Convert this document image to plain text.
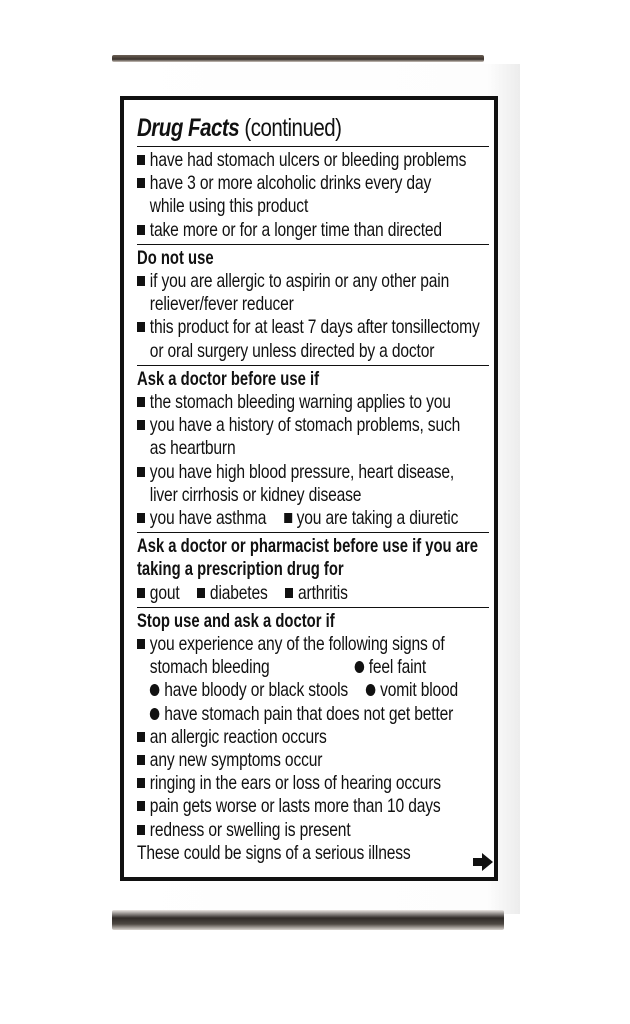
Drug Facts (continued)
have had stomach ulcers or bleeding problems
have 3 or more alcoholic drinks every day
while using this product
take more or for a longer time than directed
Do not use
if you are allergic to aspirin or any other pain
reliever/fever reducer
this product for at least 7 days after tonsillectomy
or oral surgery unless directed by a doctor
Ask a doctor before use if
the stomach bleeding warning applies to you
you have a history of stomach problems, such
as heartburn
you have high blood pressure, heart disease,
liver cirrhosis or kidney disease
you have asthma you are taking a diuretic
Ask a doctor or pharmacist before use if you are
taking a prescription drug for
gout diabetes arthritis
Stop use and ask a doctor if
you experience any of the following signs of
stomach bleeding	feel faint
have bloody or black stools vomit blood
have stomach pain that does not get better
an allergic reaction occurs
any new symptoms occur
ringing in the ears or loss of hearing occurs
pain gets worse or lasts more than 10 days
redness or swelling is present
These could be signs of a serious illness
